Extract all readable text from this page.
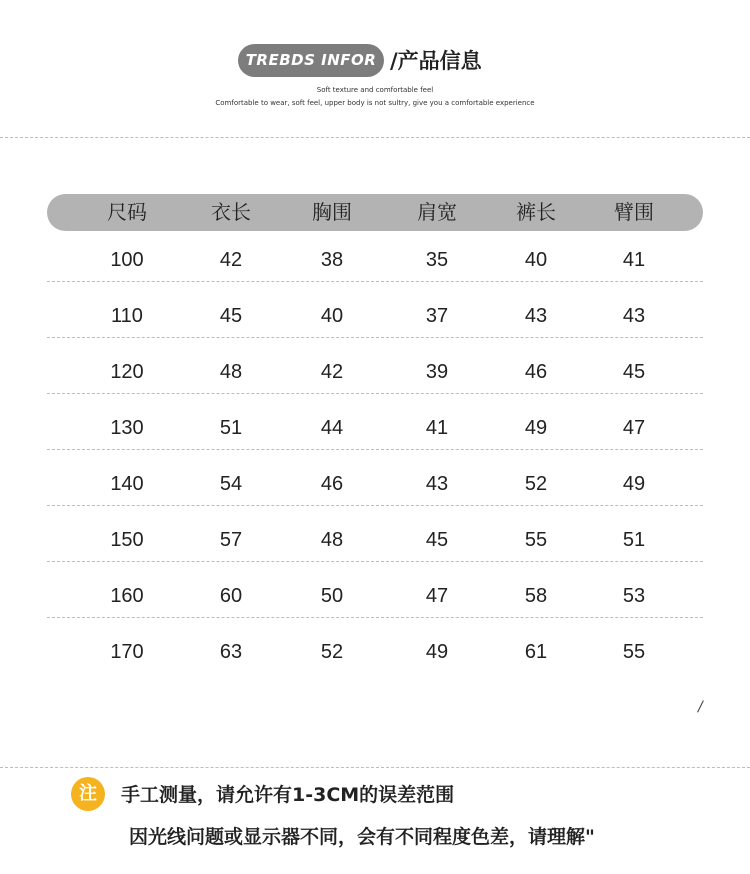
TREBDS INFOR /产品信息
Soft texture and comfortable feel
Comfortable to wear, soft feel, upper body is not sultry, give you a comfortable experience
尺码	衣长	胸围	肩宽	裤长	臂围
100	42	38	35	40	41
110	45	40	37	43	43
120	48	42	39	46	45
130	51	44	41	49	47
140	54	46	43	52	49
150	57	48	45	55	51
160	60	50	47	58	53
170	63	52	49	61	55
/
注	手工测量，请允许有1-3CM的误差范围
因光线问题或显示器不同，会有不同程度色差，请理解"
